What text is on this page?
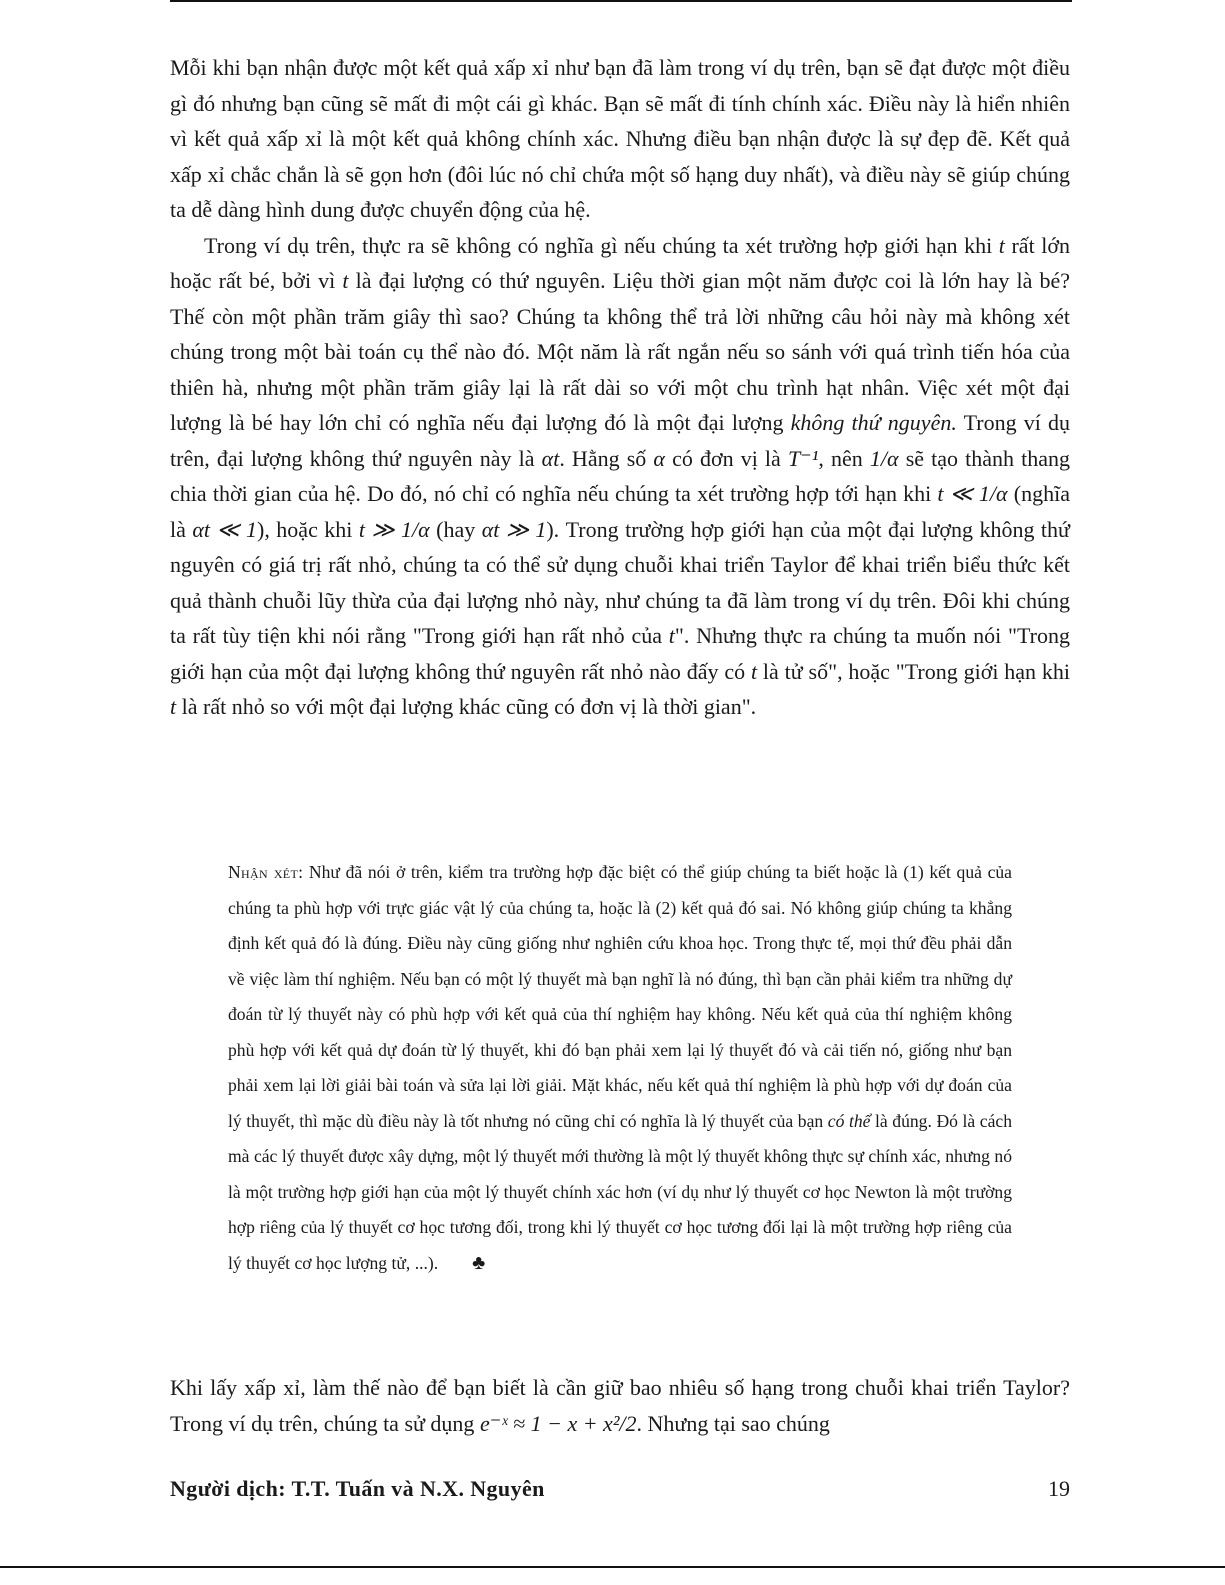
Mỗi khi bạn nhận được một kết quả xấp xỉ như bạn đã làm trong ví dụ trên, bạn sẽ đạt được một điều gì đó nhưng bạn cũng sẽ mất đi một cái gì khác. Bạn sẽ mất đi tính chính xác. Điều này là hiển nhiên vì kết quả xấp xỉ là một kết quả không chính xác. Nhưng điều bạn nhận được là sự đẹp đẽ. Kết quả xấp xỉ chắc chắn là sẽ gọn hơn (đôi lúc nó chỉ chứa một số hạng duy nhất), và điều này sẽ giúp chúng ta dễ dàng hình dung được chuyển động của hệ.

Trong ví dụ trên, thực ra sẽ không có nghĩa gì nếu chúng ta xét trường hợp giới hạn khi t rất lớn hoặc rất bé, bởi vì t là đại lượng có thứ nguyên. Liệu thời gian một năm được coi là lớn hay là bé? Thế còn một phần trăm giây thì sao? Chúng ta không thể trả lời những câu hỏi này mà không xét chúng trong một bài toán cụ thể nào đó. Một năm là rất ngắn nếu so sánh với quá trình tiến hóa của thiên hà, nhưng một phần trăm giây lại là rất dài so với một chu trình hạt nhân. Việc xét một đại lượng là bé hay lớn chỉ có nghĩa nếu đại lượng đó là một đại lượng không thứ nguyên. Trong ví dụ trên, đại lượng không thứ nguyên này là αt. Hằng số α có đơn vị là T⁻¹, nên 1/α sẽ tạo thành thang chia thời gian của hệ. Do đó, nó chỉ có nghĩa nếu chúng ta xét trường hợp tới hạn khi t ≪ 1/α (nghĩa là αt ≪ 1), hoặc khi t ≫ 1/α (hay αt ≫ 1). Trong trường hợp giới hạn của một đại lượng không thứ nguyên có giá trị rất nhỏ, chúng ta có thể sử dụng chuỗi khai triển Taylor để khai triển biểu thức kết quả thành chuỗi lũy thừa của đại lượng nhỏ này, như chúng ta đã làm trong ví dụ trên. Đôi khi chúng ta rất tùy tiện khi nói rằng "Trong giới hạn rất nhỏ của t". Nhưng thực ra chúng ta muốn nói "Trong giới hạn của một đại lượng không thứ nguyên rất nhỏ nào đấy có t là tử số", hoặc "Trong giới hạn khi t là rất nhỏ so với một đại lượng khác cũng có đơn vị là thời gian".

Nhận xét: Như đã nói ở trên, kiểm tra trường hợp đặc biệt có thể giúp chúng ta biết hoặc là (1) kết quả của chúng ta phù hợp với trực giác vật lý của chúng ta, hoặc là (2) kết quả đó sai. Nó không giúp chúng ta khẳng định kết quả đó là đúng. Điều này cũng giống như nghiên cứu khoa học. Trong thực tế, mọi thứ đều phải dẫn về việc làm thí nghiệm. Nếu bạn có một lý thuyết mà bạn nghĩ là nó đúng, thì bạn cần phải kiểm tra những dự đoán từ lý thuyết này có phù hợp với kết quả của thí nghiệm hay không. Nếu kết quả của thí nghiệm không phù hợp với kết quả dự đoán từ lý thuyết, khi đó bạn phải xem lại lý thuyết đó và cải tiến nó, giống như bạn phải xem lại lời giải bài toán và sửa lại lời giải. Mặt khác, nếu kết quả thí nghiệm là phù hợp với dự đoán của lý thuyết, thì mặc dù điều này là tốt nhưng nó cũng chỉ có nghĩa là lý thuyết của bạn có thể là đúng. Đó là cách mà các lý thuyết được xây dựng, một lý thuyết mới thường là một lý thuyết không thực sự chính xác, nhưng nó là một trường hợp giới hạn của một lý thuyết chính xác hơn (ví dụ như lý thuyết cơ học Newton là một trường hợp riêng của lý thuyết cơ học tương đối, trong khi lý thuyết cơ học tương đối lại là một trường hợp riêng của lý thuyết cơ học lượng tử, ...). ♣

Khi lấy xấp xỉ, làm thế nào để bạn biết là cần giữ bao nhiêu số hạng trong chuỗi khai triển Taylor? Trong ví dụ trên, chúng ta sử dụng e⁻ˣ ≈ 1 − x + x²/2. Nhưng tại sao chúng

Người dịch: T.T. Tuấn và N.X. Nguyên	19
